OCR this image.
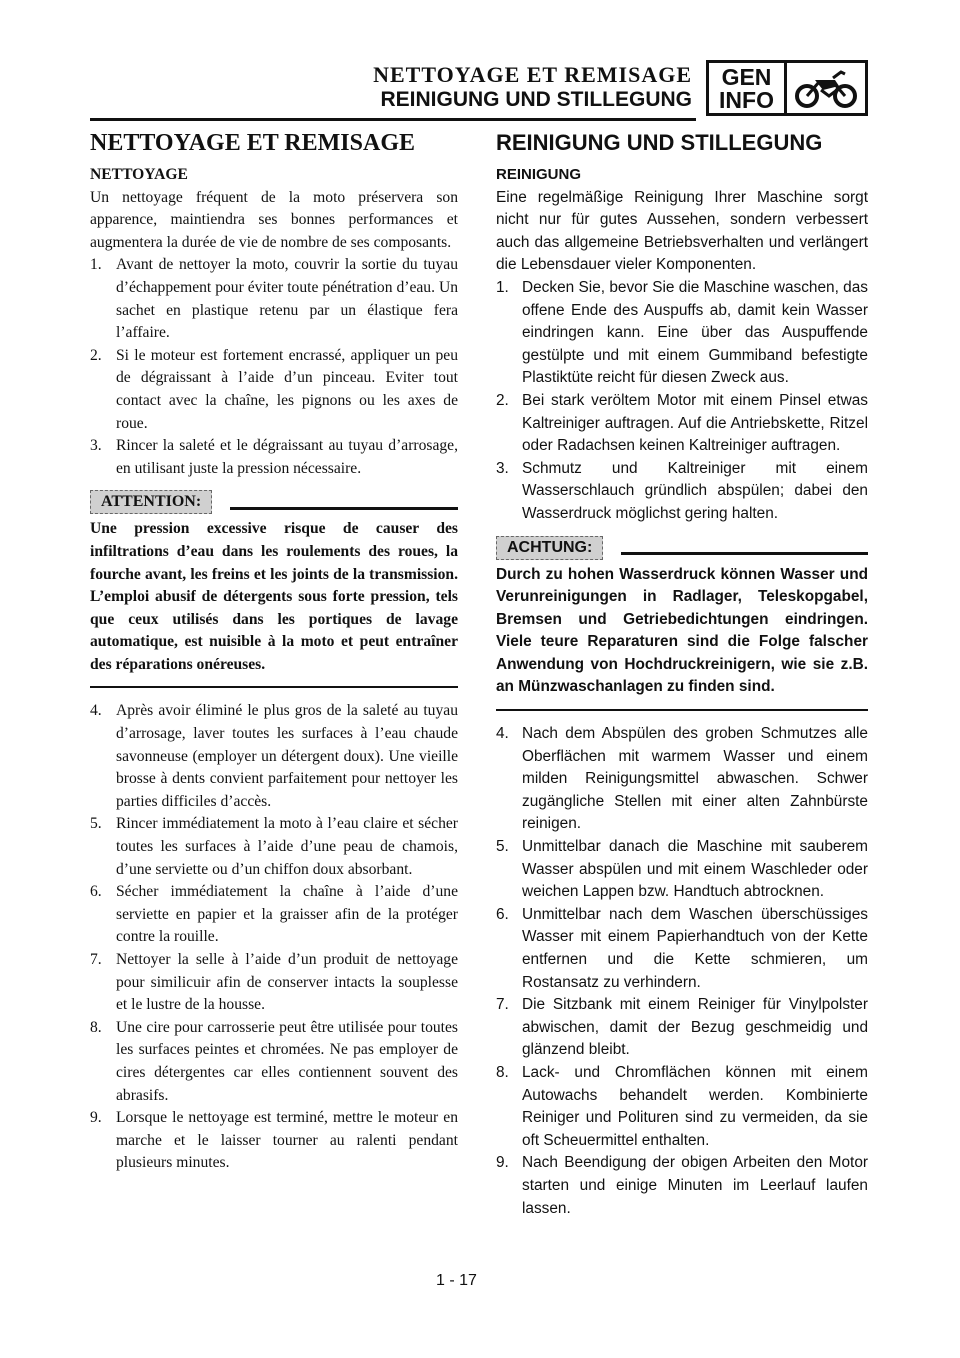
NETTOYAGE ET REMISAGE
REINIGUNG UND STILLEGUNG
GEN
INFO
NETTOYAGE ET REMISAGE
NETTOYAGE

Un nettoyage fréquent de la moto préservera son apparence, maintiendra ses bonnes performances et augmentera la durée de vie de nombre de ses composants.

1. Avant de nettoyer la moto, couvrir la sortie du tuyau d’échappement pour éviter toute pénétration d’eau. Un sachet en plastique retenu par un élastique fera l’affaire.
2. Si le moteur est fortement encrassé, appliquer un peu de dégraissant à l’aide d’un pinceau. Eviter tout contact avec la chaîne, les pignons ou les axes de roue.
3. Rincer la saleté et le dégraissant au tuyau d’arrosage, en utilisant juste la pression nécessaire.
ATTENTION:
Une pression excessive risque de causer des infiltrations d’eau dans les roulements des roues, la fourche avant, les freins et les joints de la transmission. L’emploi abusif de détergents sous forte pression, tels que ceux utilisés dans les portiques de lavage automatique, est nuisible à la moto et peut entraîner des réparations onéreuses.
4. Après avoir éliminé le plus gros de la saleté au tuyau d’arrosage, laver toutes les surfaces à l’eau chaude savonneuse (employer un détergent doux). Une vieille brosse à dents convient parfaitement pour nettoyer les parties difficiles d’accès.
5. Rincer immédiatement la moto à l’eau claire et sécher toutes les surfaces à l’aide d’une peau de chamois, d’une serviette ou d’un chiffon doux absorbant.
6. Sécher immédiatement la chaîne à l’aide d’une serviette en papier et la graisser afin de la protéger contre la rouille.
7. Nettoyer la selle à l’aide d’un produit de nettoyage pour similicuir afin de conserver intacts la souplesse et le lustre de la housse.
8. Une cire pour carrosserie peut être utilisée pour toutes les surfaces peintes et chromées. Ne pas employer de cires détergentes car elles contiennent souvent des abrasifs.
9. Lorsque le nettoyage est terminé, mettre le moteur en marche et le laisser tourner au ralenti pendant plusieurs minutes.
REINIGUNG UND STILLEGUNG
REINIGUNG

Eine regelmäßige Reinigung Ihrer Maschine sorgt nicht nur für gutes Aussehen, sondern verbessert auch das allgemeine Betriebsverhalten und verlängert die Lebensdauer vieler Komponenten.

1. Decken Sie, bevor Sie die Maschine waschen, das offene Ende des Auspuffs ab, damit kein Wasser eindringen kann. Eine über das Auspuffende gestülpte und mit einem Gummiband befestigte Plastiktüte reicht für diesen Zweck aus.
2. Bei stark veröltem Motor mit einem Pinsel etwas Kaltreiniger auftragen. Auf die Antriebskette, Ritzel oder Radachsen keinen Kaltreiniger auftragen.
3. Schmutz und Kaltreiniger mit einem Wasserschlauch gründlich abspülen; dabei den Wasserdruck möglichst gering halten.
ACHTUNG:
Durch zu hohen Wasserdruck können Wasser und Verunreinigungen in Radlager, Teleskopgabel, Bremsen und Getriebedichtungen eindringen. Viele teure Reparaturen sind die Folge falscher Anwendung von Hochdruckreinigern, wie sie z.B. an Münzwaschanlagen zu finden sind.
4. Nach dem Abspülen des groben Schmutzes alle Oberflächen mit warmem Wasser und einem milden Reinigungsmittel abwaschen. Schwer zugängliche Stellen mit einer alten Zahnbürste reinigen.
5. Unmittelbar danach die Maschine mit sauberem Wasser abspülen und mit einem Waschleder oder weichen Lappen bzw. Handtuch abtrocknen.
6. Unmittelbar nach dem Waschen überschüssiges Wasser mit einem Papierhandtuch von der Kette entfernen und die Kette schmieren, um Rostansatz zu verhindern.
7. Die Sitzbank mit einem Reiniger für Vinylpolster abwischen, damit der Bezug geschmeidig und glänzend bleibt.
8. Lack- und Chromflächen können mit einem Autowachs behandelt werden. Kombinierte Reiniger und Polituren sind zu vermeiden, da sie oft Scheuermittel enthalten.
9. Nach Beendigung der obigen Arbeiten den Motor starten und einige Minuten im Leerlauf laufen lassen.
1 - 17
